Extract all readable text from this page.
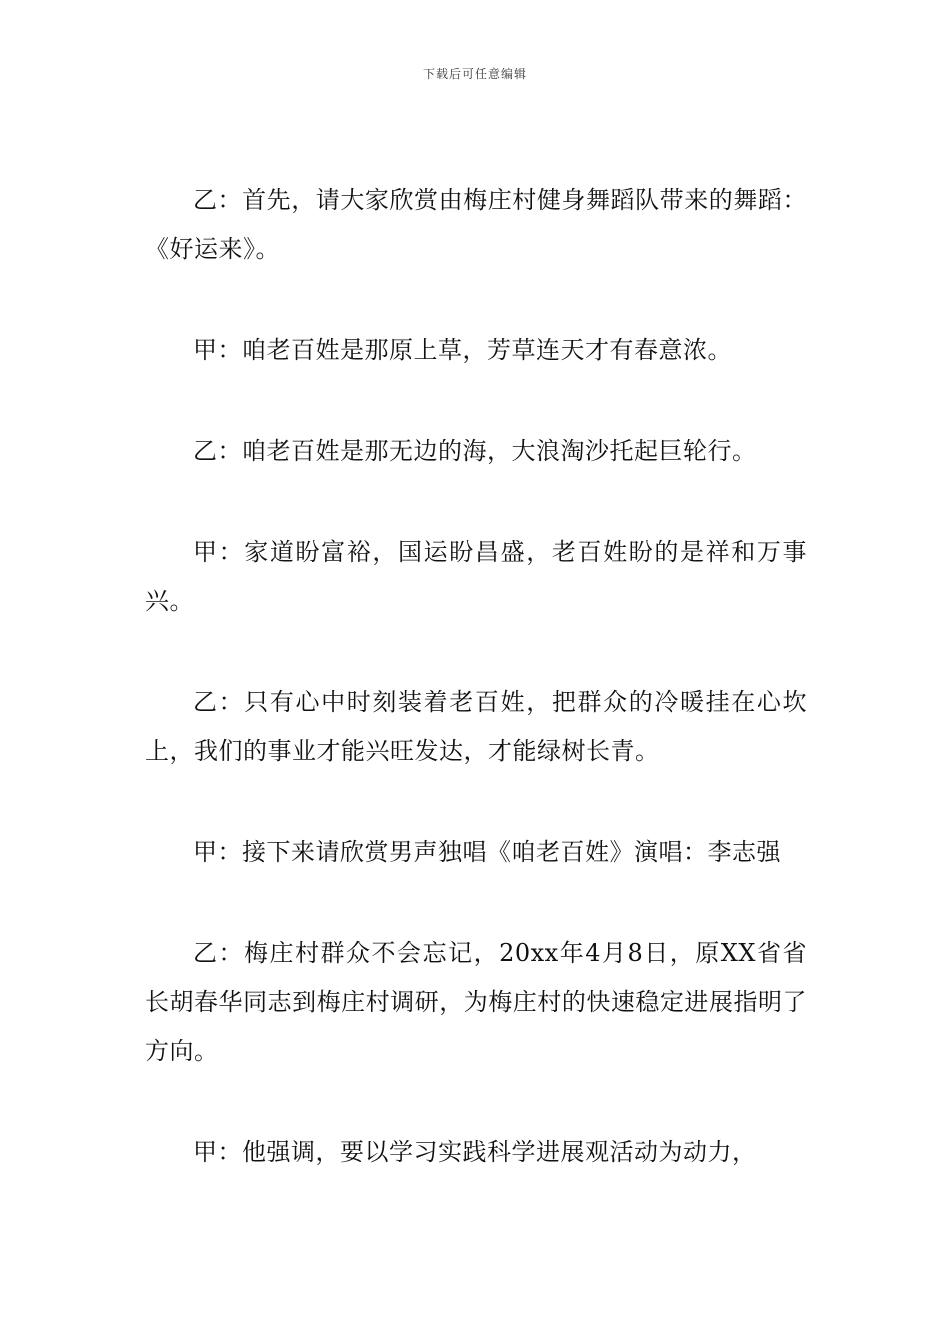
下载后可任意编辑

乙：首先，请大家欣赏由梅庄村健身舞蹈队带来的舞蹈：《好运来》。

甲：咱老百姓是那原上草，芳草连天才有春意浓。

乙：咱老百姓是那无边的海，大浪淘沙托起巨轮行。

甲：家道盼富裕，国运盼昌盛，老百姓盼的是祥和万事兴。

乙：只有心中时刻装着老百姓，把群众的冷暖挂在心坎上，我们的事业才能兴旺发达，才能绿树长青。

甲：接下来请欣赏男声独唱《咱老百姓》演唱：李志强

乙：梅庄村群众不会忘记，20xx年4月8日，原XX省省长胡春华同志到梅庄村调研，为梅庄村的快速稳定进展指明了方向。

甲：他强调，要以学习实践科学进展观活动为动力，
